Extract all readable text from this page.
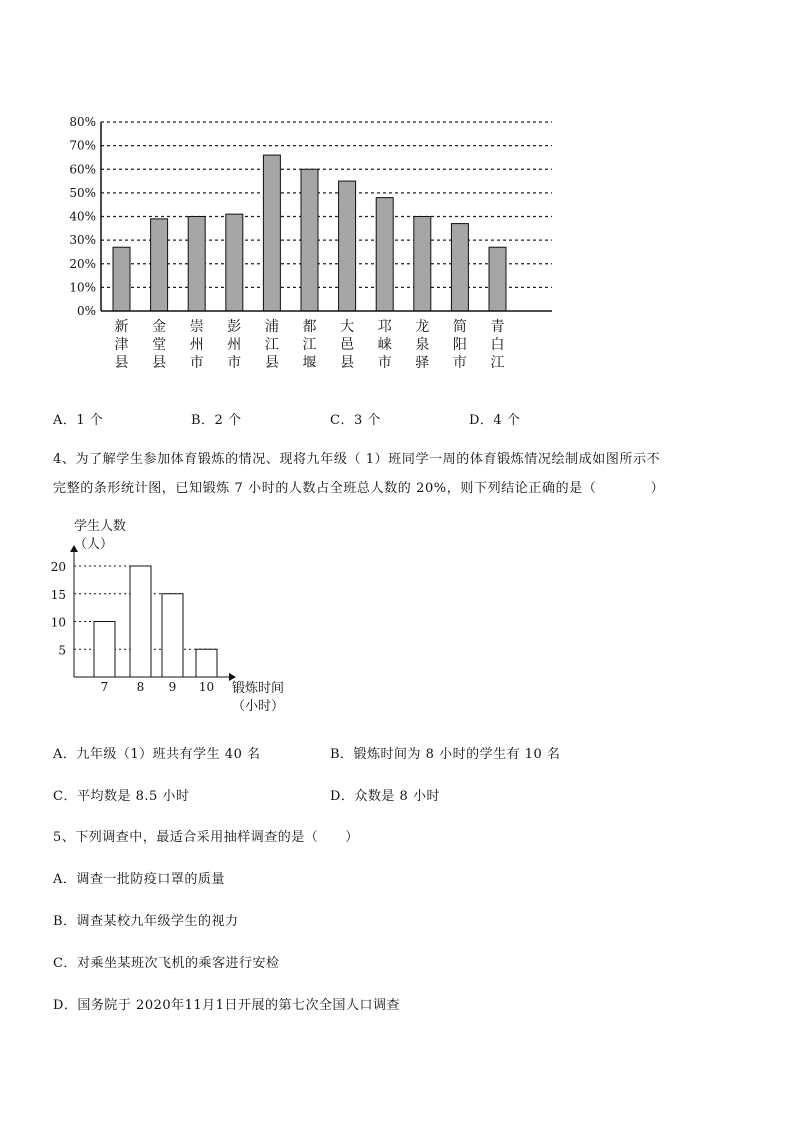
80%
70%
60%
50%
40%
30%
20%
10%
0%
新津县
金堂县
崇州市
彭州市
浦江县
都江堰
大邑县
邛崃市
龙泉驿
简阳市
青白江
A．1 个	B．2 个	C．3 个	D．4 个
4、为了解学生参加体育锻炼的情况、现将九年级（ 1）班同学一周的体育锻炼情况绘制成如图所示不
完整的条形统计图，已知锻炼 7 小时的人数占全班总人数的 20%，则下列结论正确的是（　　　　）
学生人数
（人）
20
15
10
5
7 8 9 10 锻炼时间
（小时）
A．九年级（1）班共有学生 40 名	B．锻炼时间为 8 小时的学生有 10 名
C．平均数是 8.5 小时	D．众数是 8 小时
5、下列调查中，最适合采用抽样调查的是（　　）
A．调查一批防疫口罩的质量
B．调查某校九年级学生的视力
C．对乘坐某班次飞机的乘客进行安检
D．国务院于 2020年11月1日开展的第七次全国人口调查
